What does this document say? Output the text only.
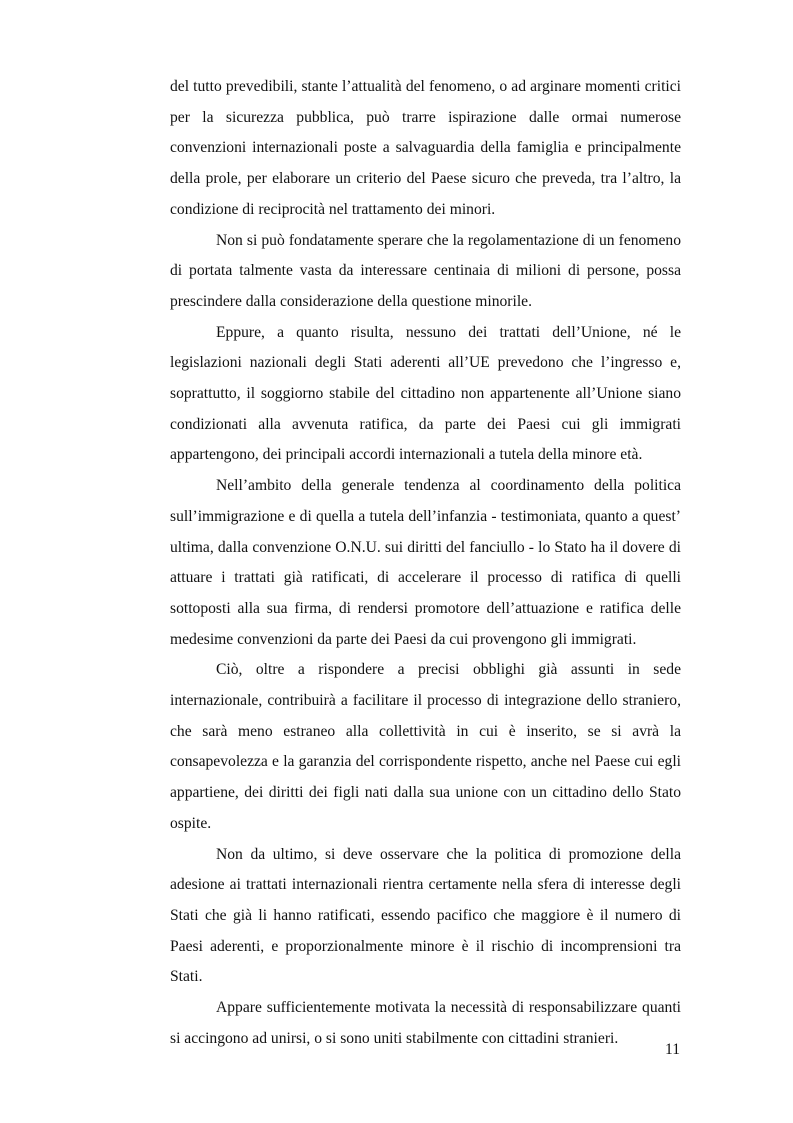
del tutto prevedibili, stante l’attualità del fenomeno, o ad arginare momenti critici per la sicurezza pubblica, può trarre ispirazione dalle ormai numerose convenzioni internazionali poste a salvaguardia della famiglia e principalmente della prole, per elaborare un criterio del Paese sicuro che preveda, tra l’altro, la condizione di reciprocità nel trattamento dei minori.

Non si può fondatamente sperare che la regolamentazione di un fenomeno di portata talmente vasta da interessare centinaia di milioni di persone, possa prescindere dalla considerazione della questione minorile.

Eppure, a quanto risulta, nessuno dei trattati dell’Unione, né le legislazioni nazionali degli Stati aderenti all’UE prevedono che l’ingresso e, soprattutto, il soggiorno stabile del cittadino non appartenente all’Unione siano condizionati alla avvenuta ratifica, da parte dei Paesi cui gli immigrati appartengono, dei principali accordi internazionali a tutela della minore età.

Nell’ambito della generale tendenza al coordinamento della politica sull’immigrazione e di quella a tutela dell’infanzia - testimoniata, quanto a quest’ ultima, dalla convenzione O.N.U. sui diritti del fanciullo - lo Stato ha il dovere di attuare i trattati già ratificati, di accelerare il processo di ratifica di quelli sottoposti alla sua firma, di rendersi promotore dell’attuazione e ratifica delle medesime convenzioni da parte dei Paesi da cui provengono gli immigrati.

Ciò, oltre a rispondere a precisi obblighi già assunti in sede internazionale, contribuirà a facilitare il processo di integrazione dello straniero, che sarà meno estraneo alla collettività in cui è inserito, se si avrà la consapevolezza e la garanzia del corrispondente rispetto, anche nel Paese cui egli appartiene, dei diritti dei figli nati dalla sua unione con un cittadino dello Stato ospite.

Non da ultimo, si deve osservare che la politica di promozione della adesione ai trattati internazionali rientra certamente nella sfera di interesse degli Stati che già li hanno ratificati, essendo pacifico che maggiore è il numero di Paesi aderenti, e proporzionalmente minore è il rischio di incomprensioni tra Stati.

Appare sufficientemente motivata la necessità di responsabilizzare quanti si accingono ad unirsi, o si sono uniti stabilmente con cittadini stranieri.

11
